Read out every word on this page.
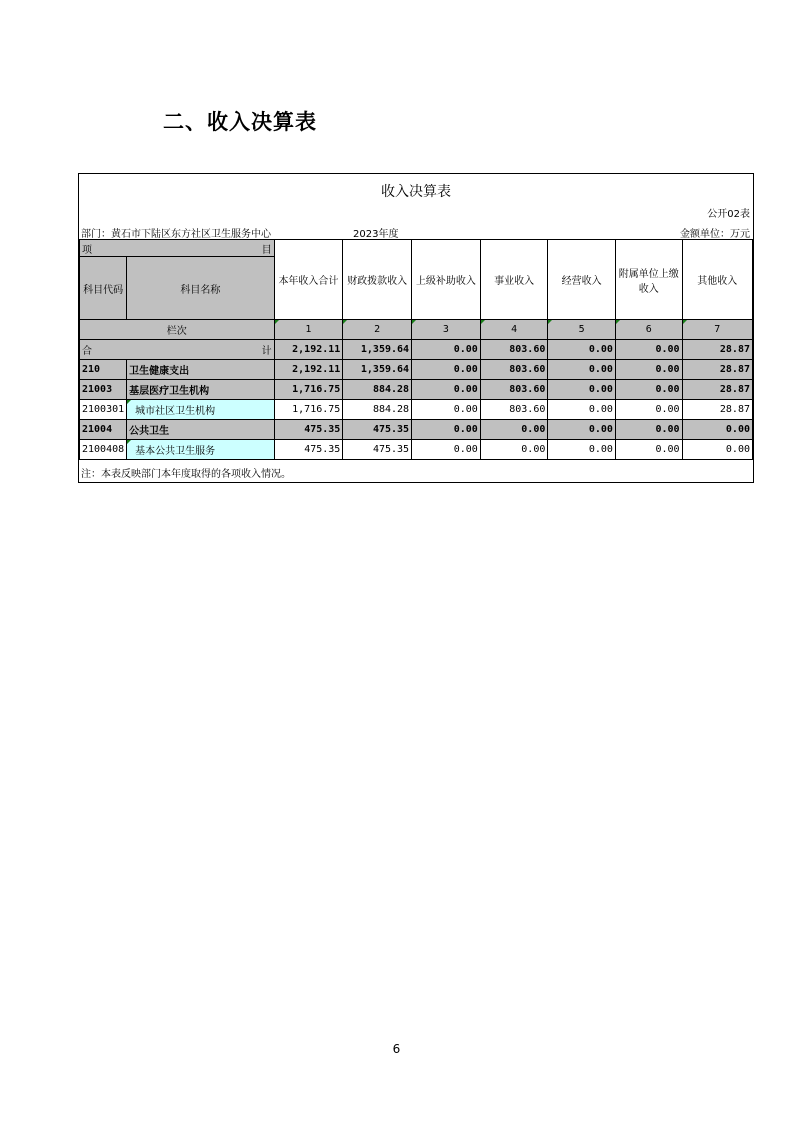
二、收入决算表
收入决算表
公开02表
部门：黄石市下陆区东方社区卫生服务中心	2023年度	金额单位：万元
项 目		本年收入合计	财政拨款收入	上级补助收入	事业收入	经营收入	附属单位上缴收入	其他收入
科目代码	科目名称							
栏次		1	2	3	4	5	6	7
合 计		2,192.11	1,359.64	0.00	803.60	0.00	0.00	28.87
210	卫生健康支出	2,192.11	1,359.64	0.00	803.60	0.00	0.00	28.87
21003	基层医疗卫生机构	1,716.75	884.28	0.00	803.60	0.00	0.00	28.87
2100301	城市社区卫生机构	1,716.75	884.28	0.00	803.60	0.00	0.00	28.87
21004	公共卫生	475.35	475.35	0.00	0.00	0.00	0.00	0.00
2100408	基本公共卫生服务	475.35	475.35	0.00	0.00	0.00	0.00	0.00
注：本表反映部门本年度取得的各项收入情况。
6
